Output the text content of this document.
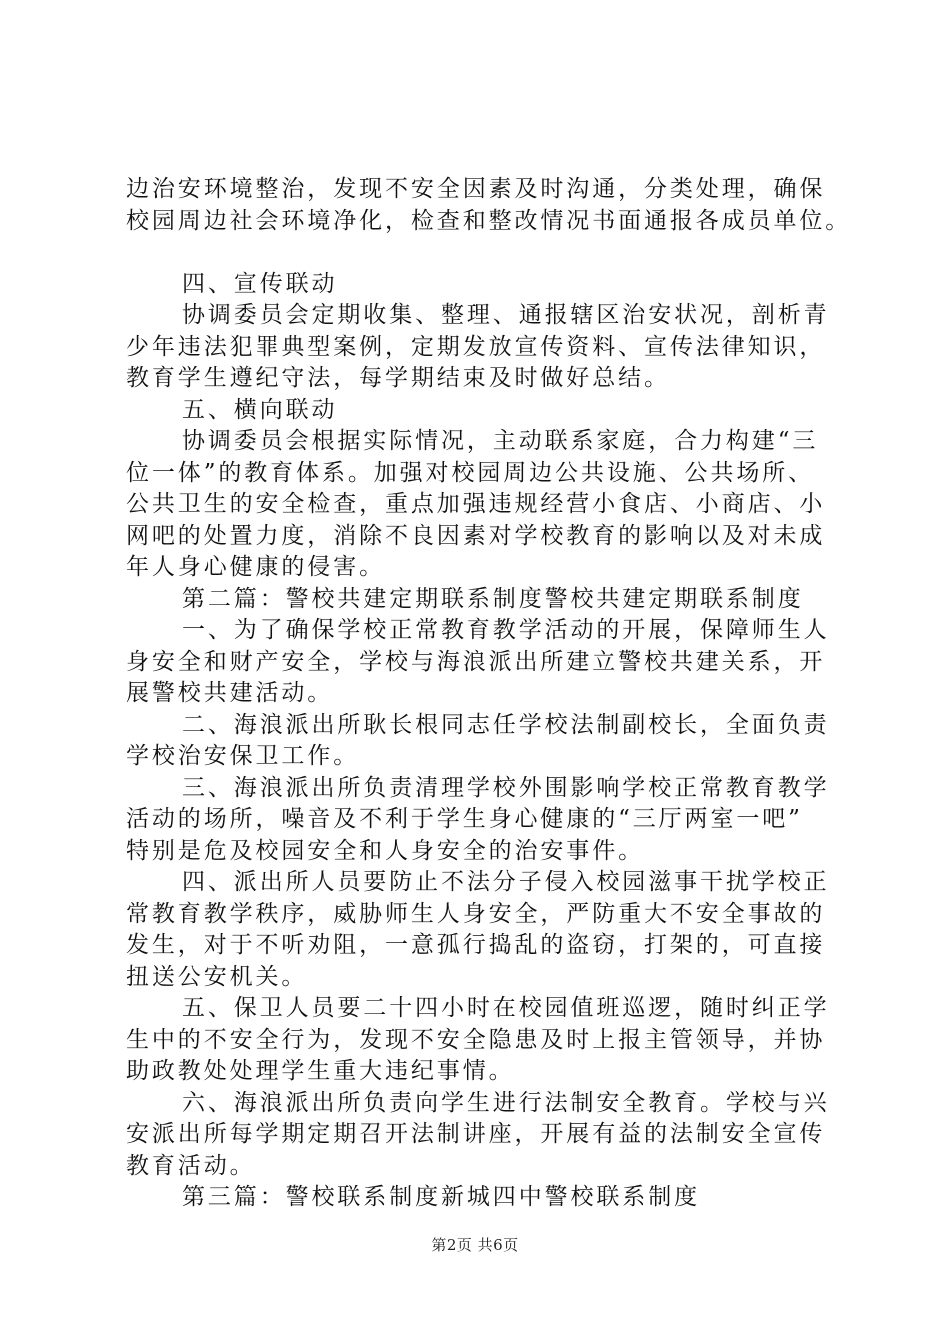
边治安环境整治，发现不安全因素及时沟通，分类处理，确保
校园周边社会环境净化，检查和整改情况书面通报各成员单位。
四、宣传联动
协调委员会定期收集、整理、通报辖区治安状况，剖析青
少年违法犯罪典型案例，定期发放宣传资料、宣传法律知识，
教育学生遵纪守法，每学期结束及时做好总结。
五、横向联动
协调委员会根据实际情况，主动联系家庭，合力构建“三
位一体”的教育体系。加强对校园周边公共设施、公共场所、
公共卫生的安全检查，重点加强违规经营小食店、小商店、小
网吧的处置力度，消除不良因素对学校教育的影响以及对未成
年人身心健康的侵害。
第二篇：警校共建定期联系制度警校共建定期联系制度
一、为了确保学校正常教育教学活动的开展，保障师生人
身安全和财产安全，学校与海浪派出所建立警校共建关系，开
展警校共建活动。
二、海浪派出所耿长根同志任学校法制副校长，全面负责
学校治安保卫工作。
三、海浪派出所负责清理学校外围影响学校正常教育教学
活动的场所，噪音及不利于学生身心健康的“三厅两室一吧”
特别是危及校园安全和人身安全的治安事件。
四、派出所人员要防止不法分子侵入校园滋事干扰学校正
常教育教学秩序，威胁师生人身安全，严防重大不安全事故的
发生，对于不听劝阻，一意孤行捣乱的盗窃，打架的，可直接
扭送公安机关。
五、保卫人员要二十四小时在校园值班巡逻，随时纠正学
生中的不安全行为，发现不安全隐患及时上报主管领导，并协
助政教处处理学生重大违纪事情。
六、海浪派出所负责向学生进行法制安全教育。学校与兴
安派出所每学期定期召开法制讲座，开展有益的法制安全宣传
教育活动。
第三篇：警校联系制度新城四中警校联系制度
第2页 共6页
